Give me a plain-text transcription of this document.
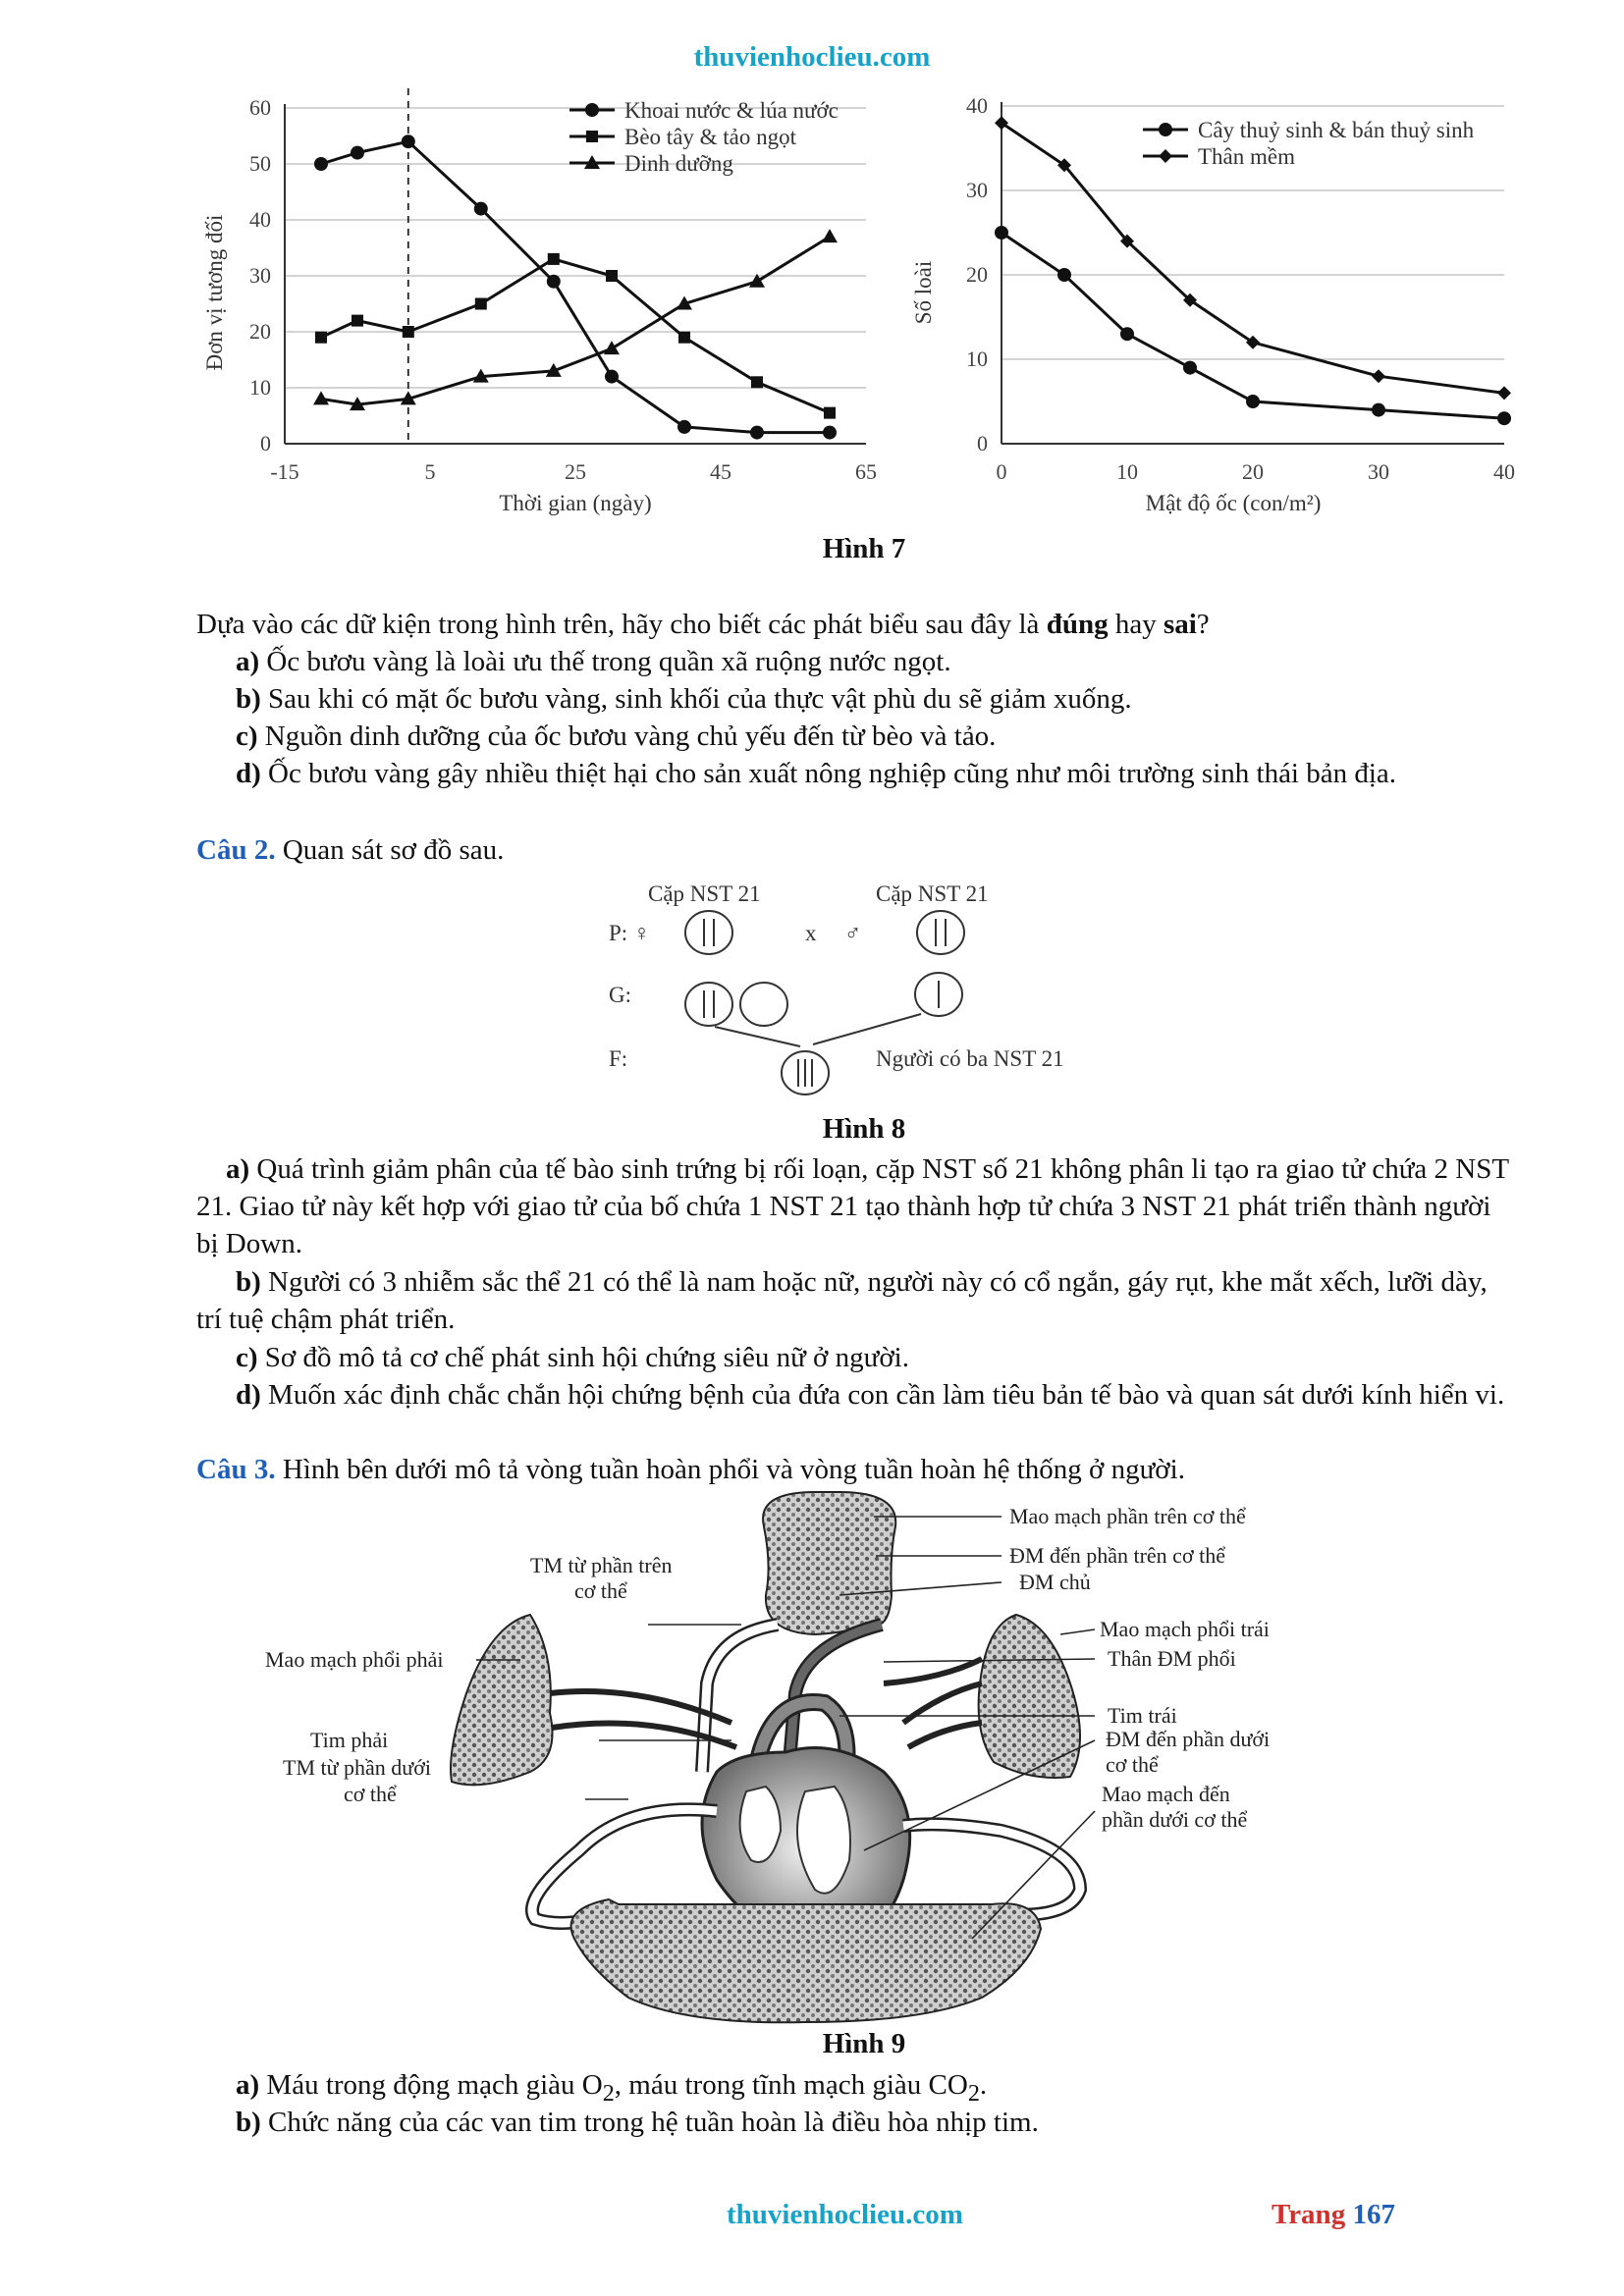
thuvienhoclieu.com
0
10
20
30
40
50
60
-15	5	25	45	65
Khoai nước & lúa nước
Bèo tây & tảo ngọt
Dinh dưỡng
Thời gian (ngày)
Đơn vị tương đối
0
10
20
30
40
0	10	20	30	40
Cây thuỷ sinh & bán thuỷ sinh
Thân mềm
Mật độ ốc (con/m²)
Số loài
Hình 7

Dựa vào các dữ kiện trong hình trên, hãy cho biết các phát biểu sau đây là đúng hay sai?

a) Ốc bươu vàng là loài ưu thế trong quần xã ruộng nước ngọt.

b) Sau khi có mặt ốc bươu vàng, sinh khối của thực vật phù du sẽ giảm xuống.

c) Nguồn dinh dưỡng của ốc bươu vàng chủ yếu đến từ bèo và tảo.

d) Ốc bươu vàng gây nhiều thiệt hại cho sản xuất nông nghiệp cũng như môi trường sinh thái bản địa.

Câu 2. Quan sát sơ đồ sau.

Cặp NST 21	Cặp NST 21
P: ♀	x ♂
G:
F:	Người có ba NST 21
Hình 8

a) Quá trình giảm phân của tế bào sinh trứng bị rối loạn, cặp NST số 21 không phân li tạo ra giao tử chứa 2 NST 21. Giao tử này kết hợp với giao tử của bố chứa 1 NST 21 tạo thành hợp tử chứa 3 NST 21 phát triển thành người bị Down.

b) Người có 3 nhiễm sắc thể 21 có thể là nam hoặc nữ, người này có cổ ngắn, gáy rụt, khe mắt xếch, lưỡi dày, trí tuệ chậm phát triển.

c) Sơ đồ mô tả cơ chế phát sinh hội chứng siêu nữ ở người.

d) Muốn xác định chắc chắn hội chứng bệnh của đứa con cần làm tiêu bản tế bào và quan sát dưới kính hiển vi.

Câu 3. Hình bên dưới mô tả vòng tuần hoàn phổi và vòng tuần hoàn hệ thống ở người.

Mao mạch phần trên cơ thể
ĐM đến phần trên cơ thể
ĐM chủ
Mao mạch phổi trái
Thân ĐM phổi
Tim trái
ĐM đến phần dưới
cơ thể
Mao mạch đến
phần dưới cơ thể
TM từ phần trên
cơ thể
Mao mạch phổi phải
Tim phải
TM từ phần dưới
cơ thể
Hình 9

a) Máu trong động mạch giàu $O_2$, máu trong tĩnh mạch giàu $CO_2$.

b) Chức năng của các van tim trong hệ tuần hoàn là điều hòa nhịp tim.

thuvienhoclieu.com	Trang 167
